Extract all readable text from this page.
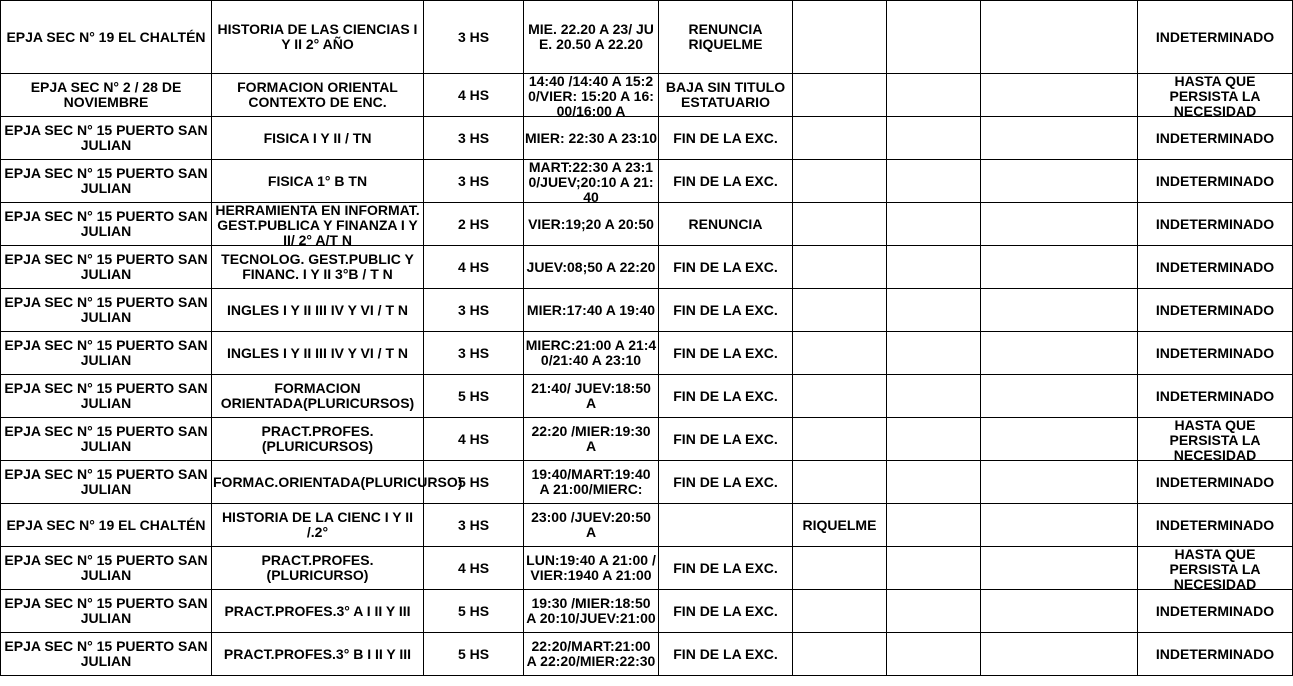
EPJA SEC N° 19 EL CHALTÉN	HISTORIA DE LAS CIENCIAS I Y II 2° AÑO	3 HS	MIE. 22.20 A 23/ JUE. 20.50 A 22.20	RENUNCIA RIQUELME				INDETERMINADO

EPJA SEC N° 2 / 28 DE NOVIEMBRE	FORMACION ORIENTAL CONTEXTO DE ENC.	4 HS	14:40 /14:40 A 15:20/VIER: 15:20 A 16:00/16:00 A	BAJA SIN TITULO ESTATUARIO				HASTA QUE PERSISTA LA NECESIDAD

EPJA SEC N° 15 PUERTO SAN JULIAN	FISICA I Y II / TN	3 HS	MIER: 22:30 A 23:10	FIN DE LA EXC.				INDETERMINADO

EPJA SEC N° 15 PUERTO SAN JULIAN	FISICA 1° B TN	3 HS	MART:22:30 A 23:10/JUEV;20:10 A 21:40	FIN DE LA EXC.				INDETERMINADO

EPJA SEC N° 15 PUERTO SAN JULIAN	HERRAMIENTA EN INFORMAT. GEST.PUBLICA Y FINANZA I Y II/ 2° A/T N	2 HS	VIER:19;20 A 20:50	RENUNCIA				INDETERMINADO

EPJA SEC N° 15 PUERTO SAN JULIAN	TECNOLOG. GEST.PUBLIC Y FINANC. I Y II 3°B / T N	4 HS	JUEV:08;50 A 22:20	FIN DE LA EXC.				INDETERMINADO

EPJA SEC N° 15 PUERTO SAN JULIAN	INGLES I Y II III IV Y VI / T N	3 HS	MIER:17:40 A 19:40	FIN DE LA EXC.				INDETERMINADO

EPJA SEC N° 15 PUERTO SAN JULIAN	INGLES I Y II III IV Y VI / T N	3 HS	MIERC:21:00 A 21:40/21:40 A 23:10	FIN DE LA EXC.				INDETERMINADO

EPJA SEC N° 15 PUERTO SAN JULIAN	FORMACION ORIENTADA(PLURICURSOS)	5 HS	21:40/ JUEV:18:50 A	FIN DE LA EXC.				INDETERMINADO

EPJA SEC N° 15 PUERTO SAN JULIAN	PRACT.PROFES. (PLURICURSOS)	4 HS	22:20 /MIER:19:30 A	FIN DE LA EXC.				HASTA QUE PERSISTA LA NECESIDAD

EPJA SEC N° 15 PUERTO SAN JULIAN	FORMAC.ORIENTADA(PLURICURSO)	5 HS	19:40/MART:19:40 A 21:00/MIERC:	FIN DE LA EXC.				INDETERMINADO

EPJA SEC N° 19 EL CHALTÉN	HISTORIA DE LA CIENC I Y II /.2°	3 HS	23:00 /JUEV:20:50 A		RIQUELME			INDETERMINADO

EPJA SEC N° 15 PUERTO SAN JULIAN	PRACT.PROFES. (PLURICURSO)	4 HS	LUN:19:40 A 21:00 /VIER:1940 A 21:00	FIN DE LA EXC.				HASTA QUE PERSISTA LA NECESIDAD

EPJA SEC N° 15 PUERTO SAN JULIAN	PRACT.PROFES.3° A I II Y III	5 HS	19:30 /MIER:18:50 A 20:10/JUEV:21:00	FIN DE LA EXC.				INDETERMINADO

EPJA SEC N° 15 PUERTO SAN JULIAN	PRACT.PROFES.3° B I II Y III	5 HS	22:20/MART:21:00 A 22:20/MIER:22:30	FIN DE LA EXC.				INDETERMINADO
